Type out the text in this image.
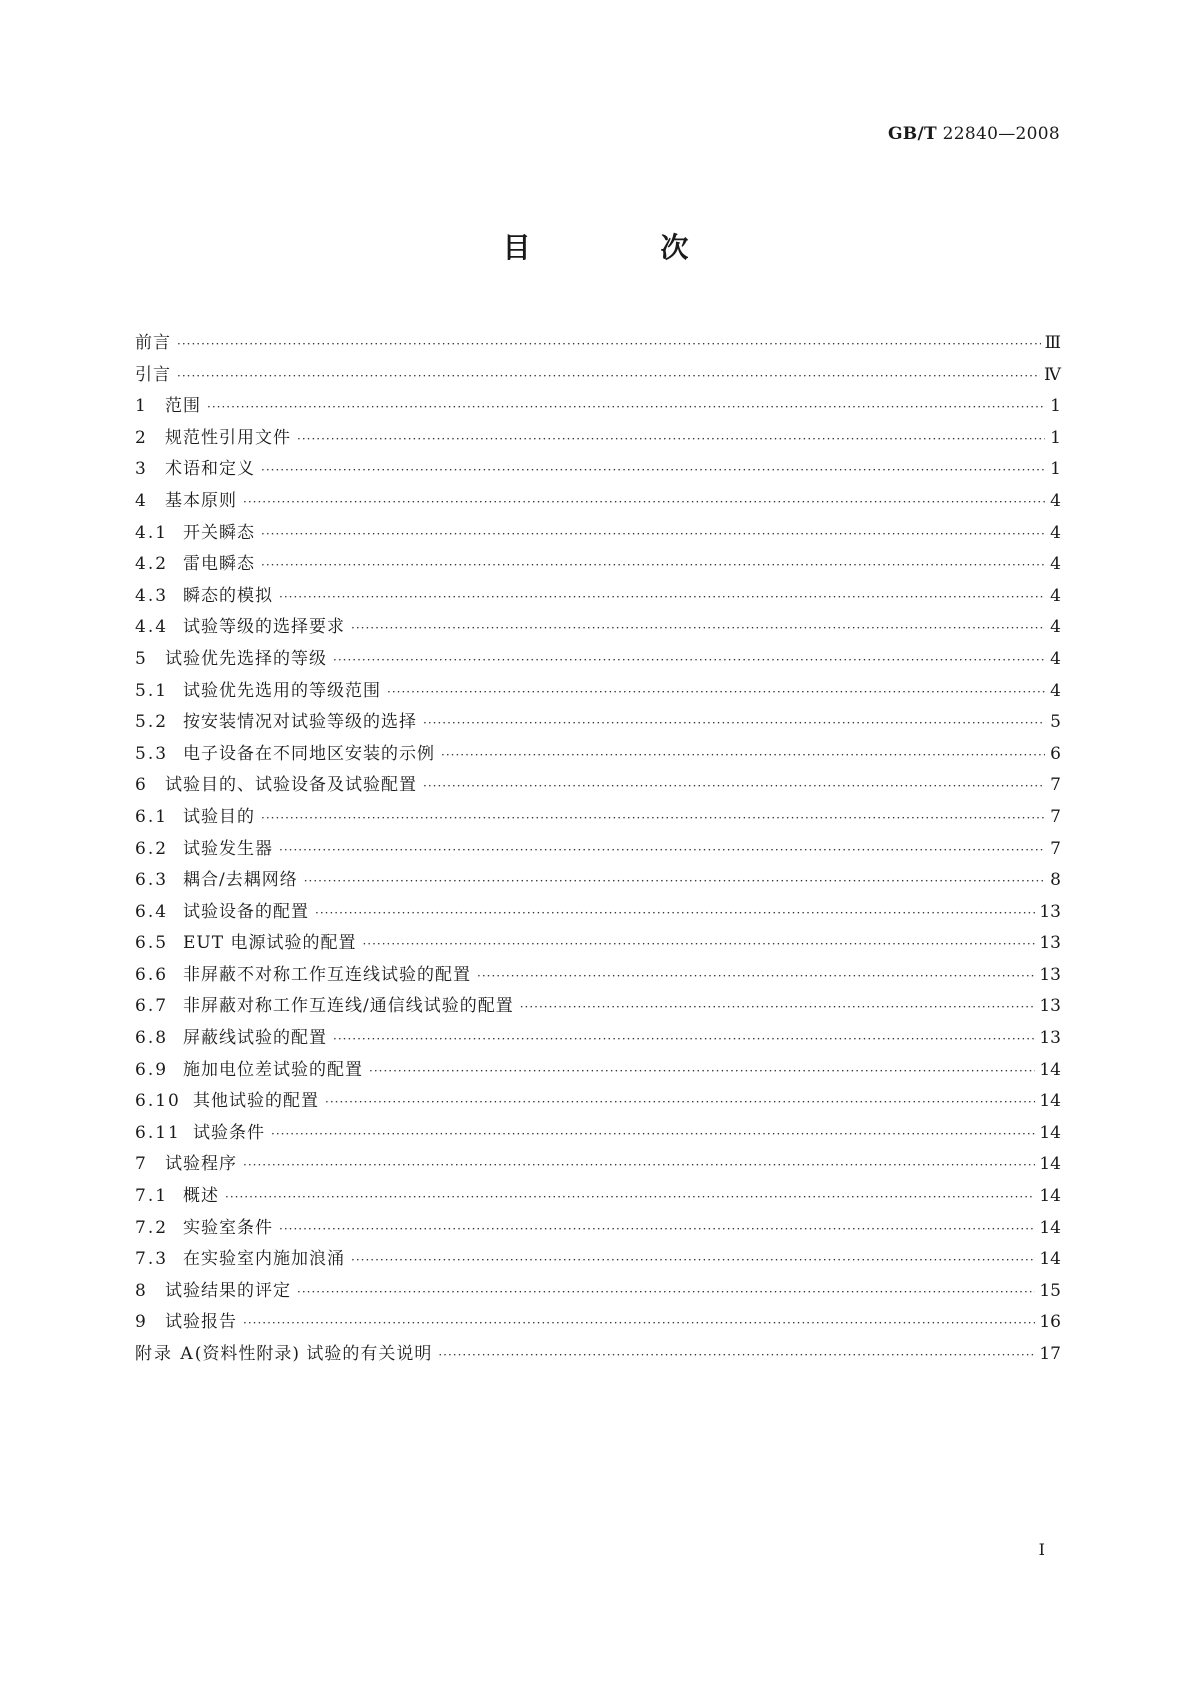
GB/T 22840—2008
目 次
前言 ·····	Ⅲ
引言 ·····	Ⅳ
1	范围 ·····	1
2	规范性引用文件 ·····	1
3	术语和定义 ·····	1
4	基本原则 ·····	4
4.1 开关瞬态 ·····	4
4.2 雷电瞬态 ·····	4
4.3 瞬态的模拟 ·····	4
4.4 试验等级的选择要求 ·····	4
5	试验优先选择的等级 ·····	4
5.1 试验优先选用的等级范围 ·····	4
5.2 按安装情况对试验等级的选择 ·····	5
5.3 电子设备在不同地区安装的示例 ·····	6
6	试验目的、试验设备及试验配置 ·····	7
6.1 试验目的 ·····	7
6.2 试验发生器 ·····	7
6.3 耦合/去耦网络 ·····	8
6.4 试验设备的配置 ·····	13
6.5 EUT 电源试验的配置 ·····	13
6.6 非屏蔽不对称工作互连线试验的配置 ·····	13
6.7 非屏蔽对称工作互连线/通信线试验的配置 ·····	13
6.8 屏蔽线试验的配置 ·····	13
6.9 施加电位差试验的配置 ·····	14
6.10 其他试验的配置 ·····	14
6.11 试验条件 ·····	14
7	试验程序 ·····	14
7.1 概述 ·····	14
7.2 实验室条件 ·····	14
7.3 在实验室内施加浪涌 ·····	14
8	试验结果的评定 ·····	15
9	试验报告 ·····	16
附录 A (资料性附录) 试验的有关说明 ·····	17
I
